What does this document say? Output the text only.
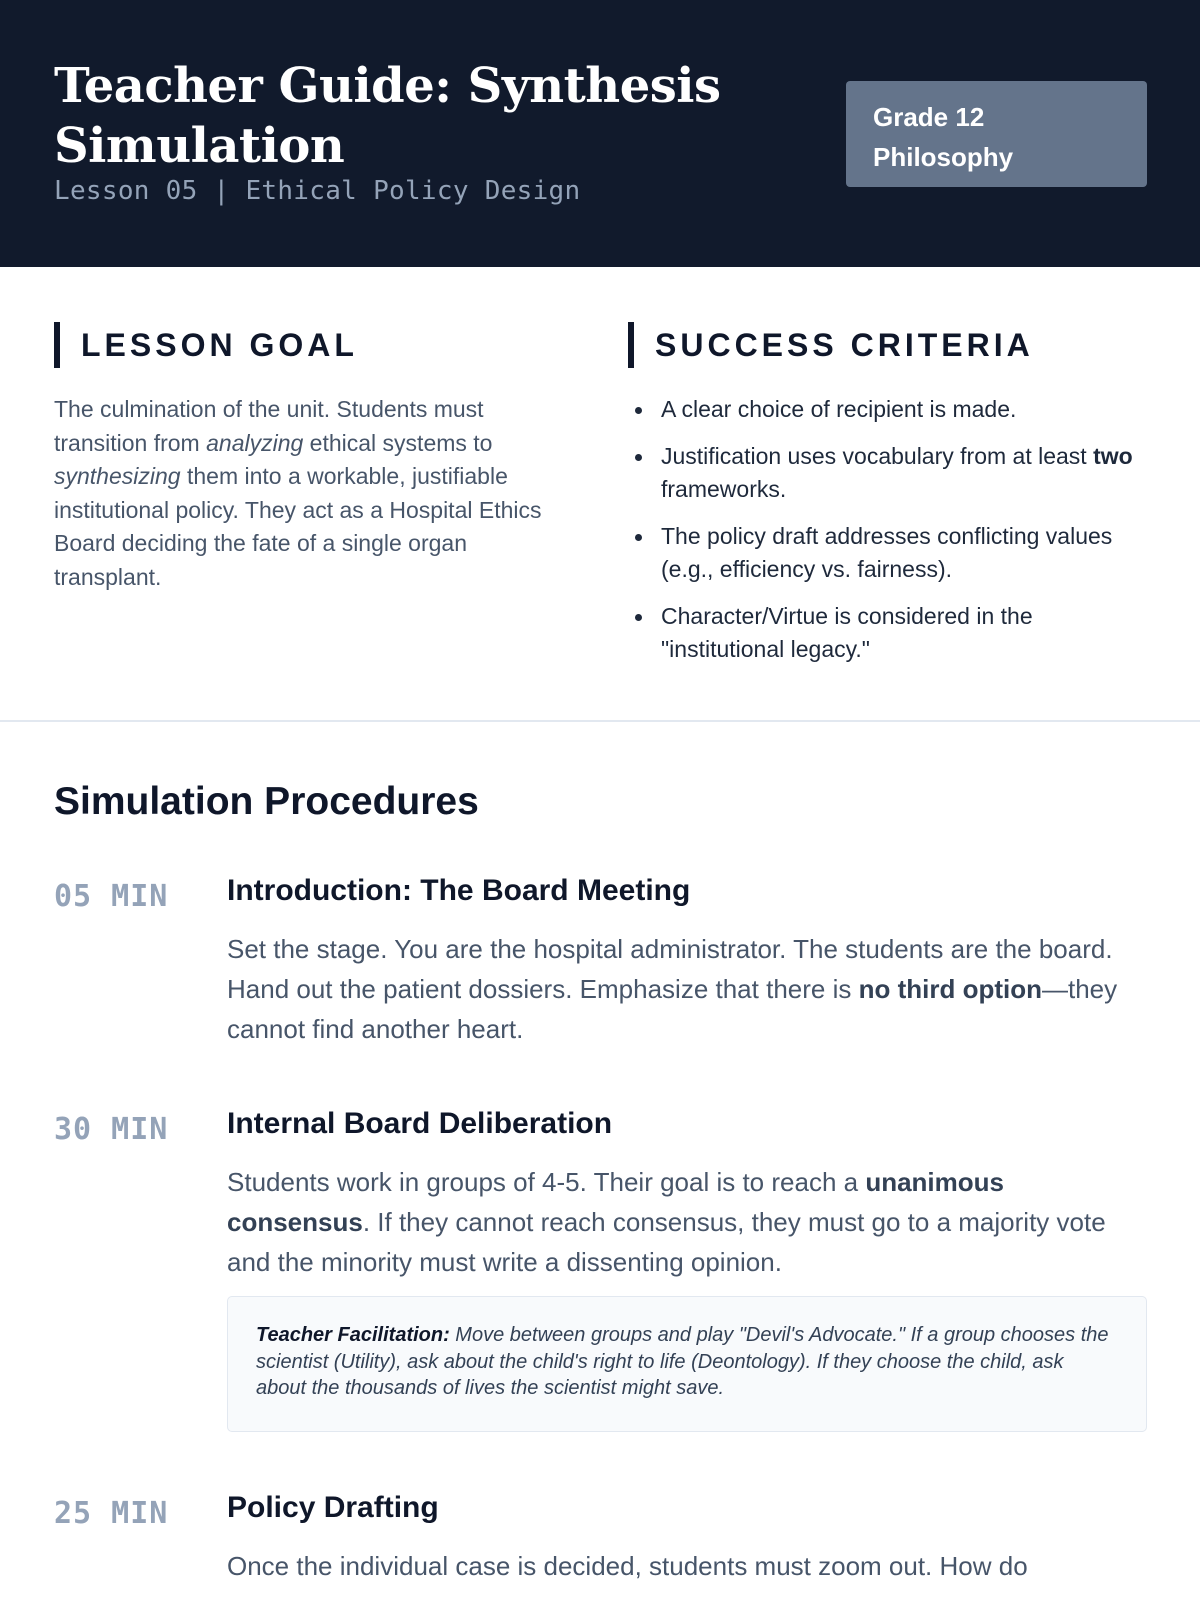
Teacher Guide: Synthesis Simulation
Lesson 05 | Ethical Policy Design
Grade 12 Philosophy
LESSON GOAL

The culmination of the unit. Students must transition from analyzing ethical systems to synthesizing them into a workable, justifiable institutional policy. They act as a Hospital Ethics Board deciding the fate of a single organ transplant.

SUCCESS CRITERIA
A clear choice of recipient is made.
Justification uses vocabulary from at least two frameworks.
The policy draft addresses conflicting values (e.g., efficiency vs. fairness).
Character/Virtue is considered in the "institutional legacy."
Simulation Procedures
05 MIN Introduction: The Board Meeting

Set the stage. You are the hospital administrator. The students are the board. Hand out the patient dossiers. Emphasize that there is no third option—they cannot find another heart.

30 MIN Internal Board Deliberation

Students work in groups of 4-5. Their goal is to reach a unanimous consensus. If they cannot reach consensus, they must go to a majority vote and the minority must write a dissenting opinion.

Teacher Facilitation: Move between groups and play "Devil's Advocate." If a group chooses the scientist (Utility), ask about the child's right to life (Deontology). If they choose the child, ask about the thousands of lives the scientist might save.
25 MIN Policy Drafting

Once the individual case is decided, students must zoom out. How do
